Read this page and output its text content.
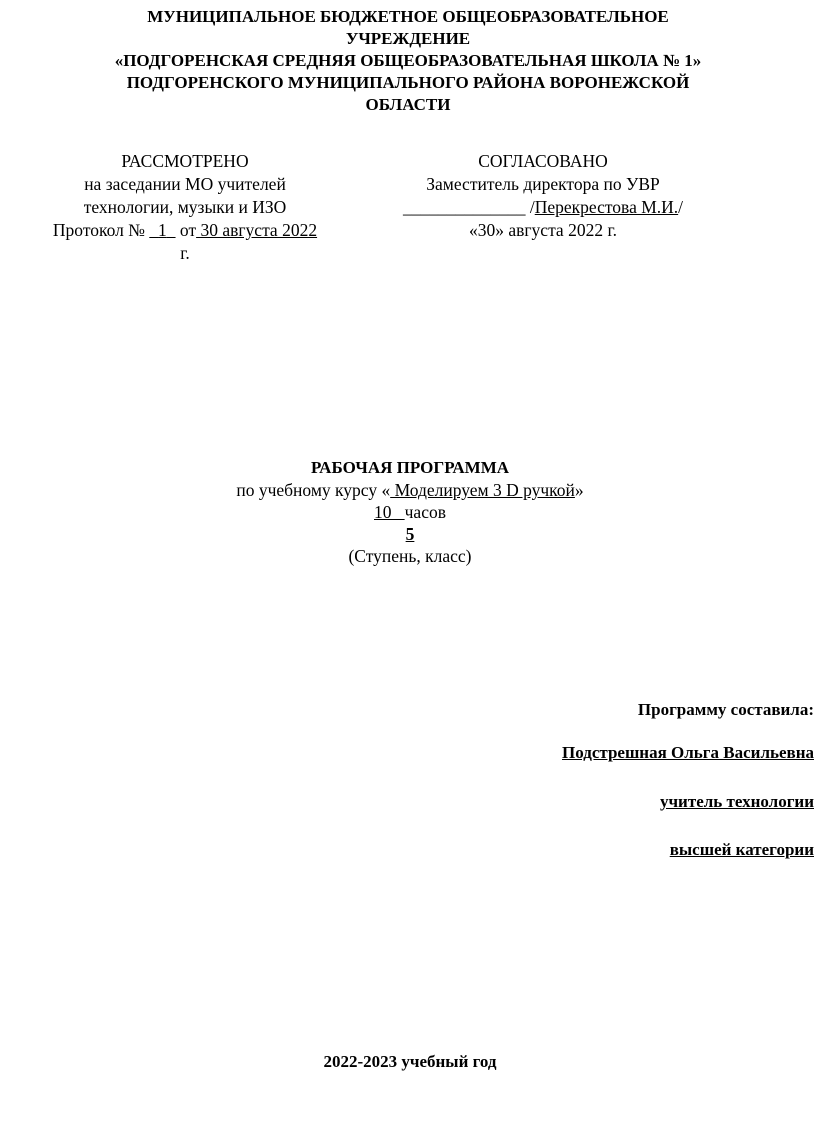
МУНИЦИПАЛЬНОЕ БЮДЖЕТНОЕ ОБЩЕОБРАЗОВАТЕЛЬНОЕ
УЧРЕЖДЕНИЕ
«ПОДГОРЕНСКАЯ СРЕДНЯЯ ОБЩЕОБРАЗОВАТЕЛЬНАЯ ШКОЛА № 1»
ПОДГОРЕНСКОГО МУНИЦИПАЛЬНОГО РАЙОНА ВОРОНЕЖСКОЙ
ОБЛАСТИ
РАССМОТРЕНО
на заседании МО учителей
технологии, музыки и ИЗО
Протокол № 1 от 30 августа 2022
г.
СОГЛАСОВАНО
Заместитель директора по УВР
______________ /Перекрестова М.И./
«30» августа 2022 г.
РАБОЧАЯ ПРОГРАММА
по учебному курсу « Моделируем 3 D ручкой»
10 часов
5
(Ступень, класс)
Программу составила:
Подстрешная Ольга Васильевна
учитель технологии
высшей категории
2022-2023 учебный год
